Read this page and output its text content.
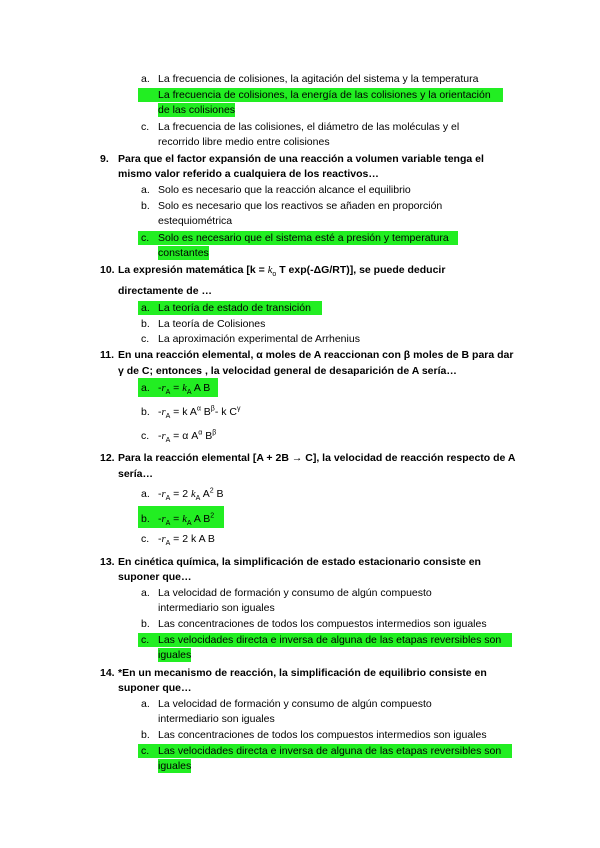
a. La frecuencia de colisiones, la agitación del sistema y la temperatura
La frecuencia de colisiones, la energía de las colisiones y la orientación
de las colisiones
c. La frecuencia de las colisiones, el diámetro de las moléculas y el
recorrido libre medio entre colisiones
9. Para que el factor expansión de una reacción a volumen variable tenga el
mismo valor referido a cualquiera de los reactivos…
a. Solo es necesario que la reacción alcance el equilibrio
b. Solo es necesario que los reactivos se añaden en proporción
estequiométrica
c. Solo es necesario que el sistema esté a presión y temperatura
constantes
10. La expresión matemática [$k = k_o$ T exp(-ΔG/RT)], se puede deducir
directamente de …
a. La teoría de estado de transición
b. La teoría de Colisiones
c. La aproximación experimental de Arrhenius
11. En una reacción elemental, α moles de A reaccionan con β moles de B para dar
γ de C; entonces , la velocidad general de desaparición de A sería…
a. $-r_A = k_A$ A B
b. $-r_A = k$ $A^\alpha$ $B^\beta-$ k $C^\gamma$
c. $-r_A = \alpha$ $A^\alpha$ $B^\beta$
12. Para la reacción elemental [A + 2B → C], la velocidad de reacción respecto de A
sería…
a. $-r_A = 2$ $k_A$ $A^2$ B
b. $-r_A = k_A$ A $B^2$
c. $-r_A = 2$ k A B
13. En cinética química, la simplificación de estado estacionario consiste en
suponer que…
a. La velocidad de formación y consumo de algún compuesto
intermediario son iguales
b. Las concentraciones de todos los compuestos intermedios son iguales
c. Las velocidades directa e inversa de alguna de las etapas reversibles son
iguales
14. *En un mecanismo de reacción, la simplificación de equilibrio consiste en
suponer que…
a. La velocidad de formación y consumo de algún compuesto
intermediario son iguales
b. Las concentraciones de todos los compuestos intermedios son iguales
c. Las velocidades directa e inversa de alguna de las etapas reversibles son
iguales
